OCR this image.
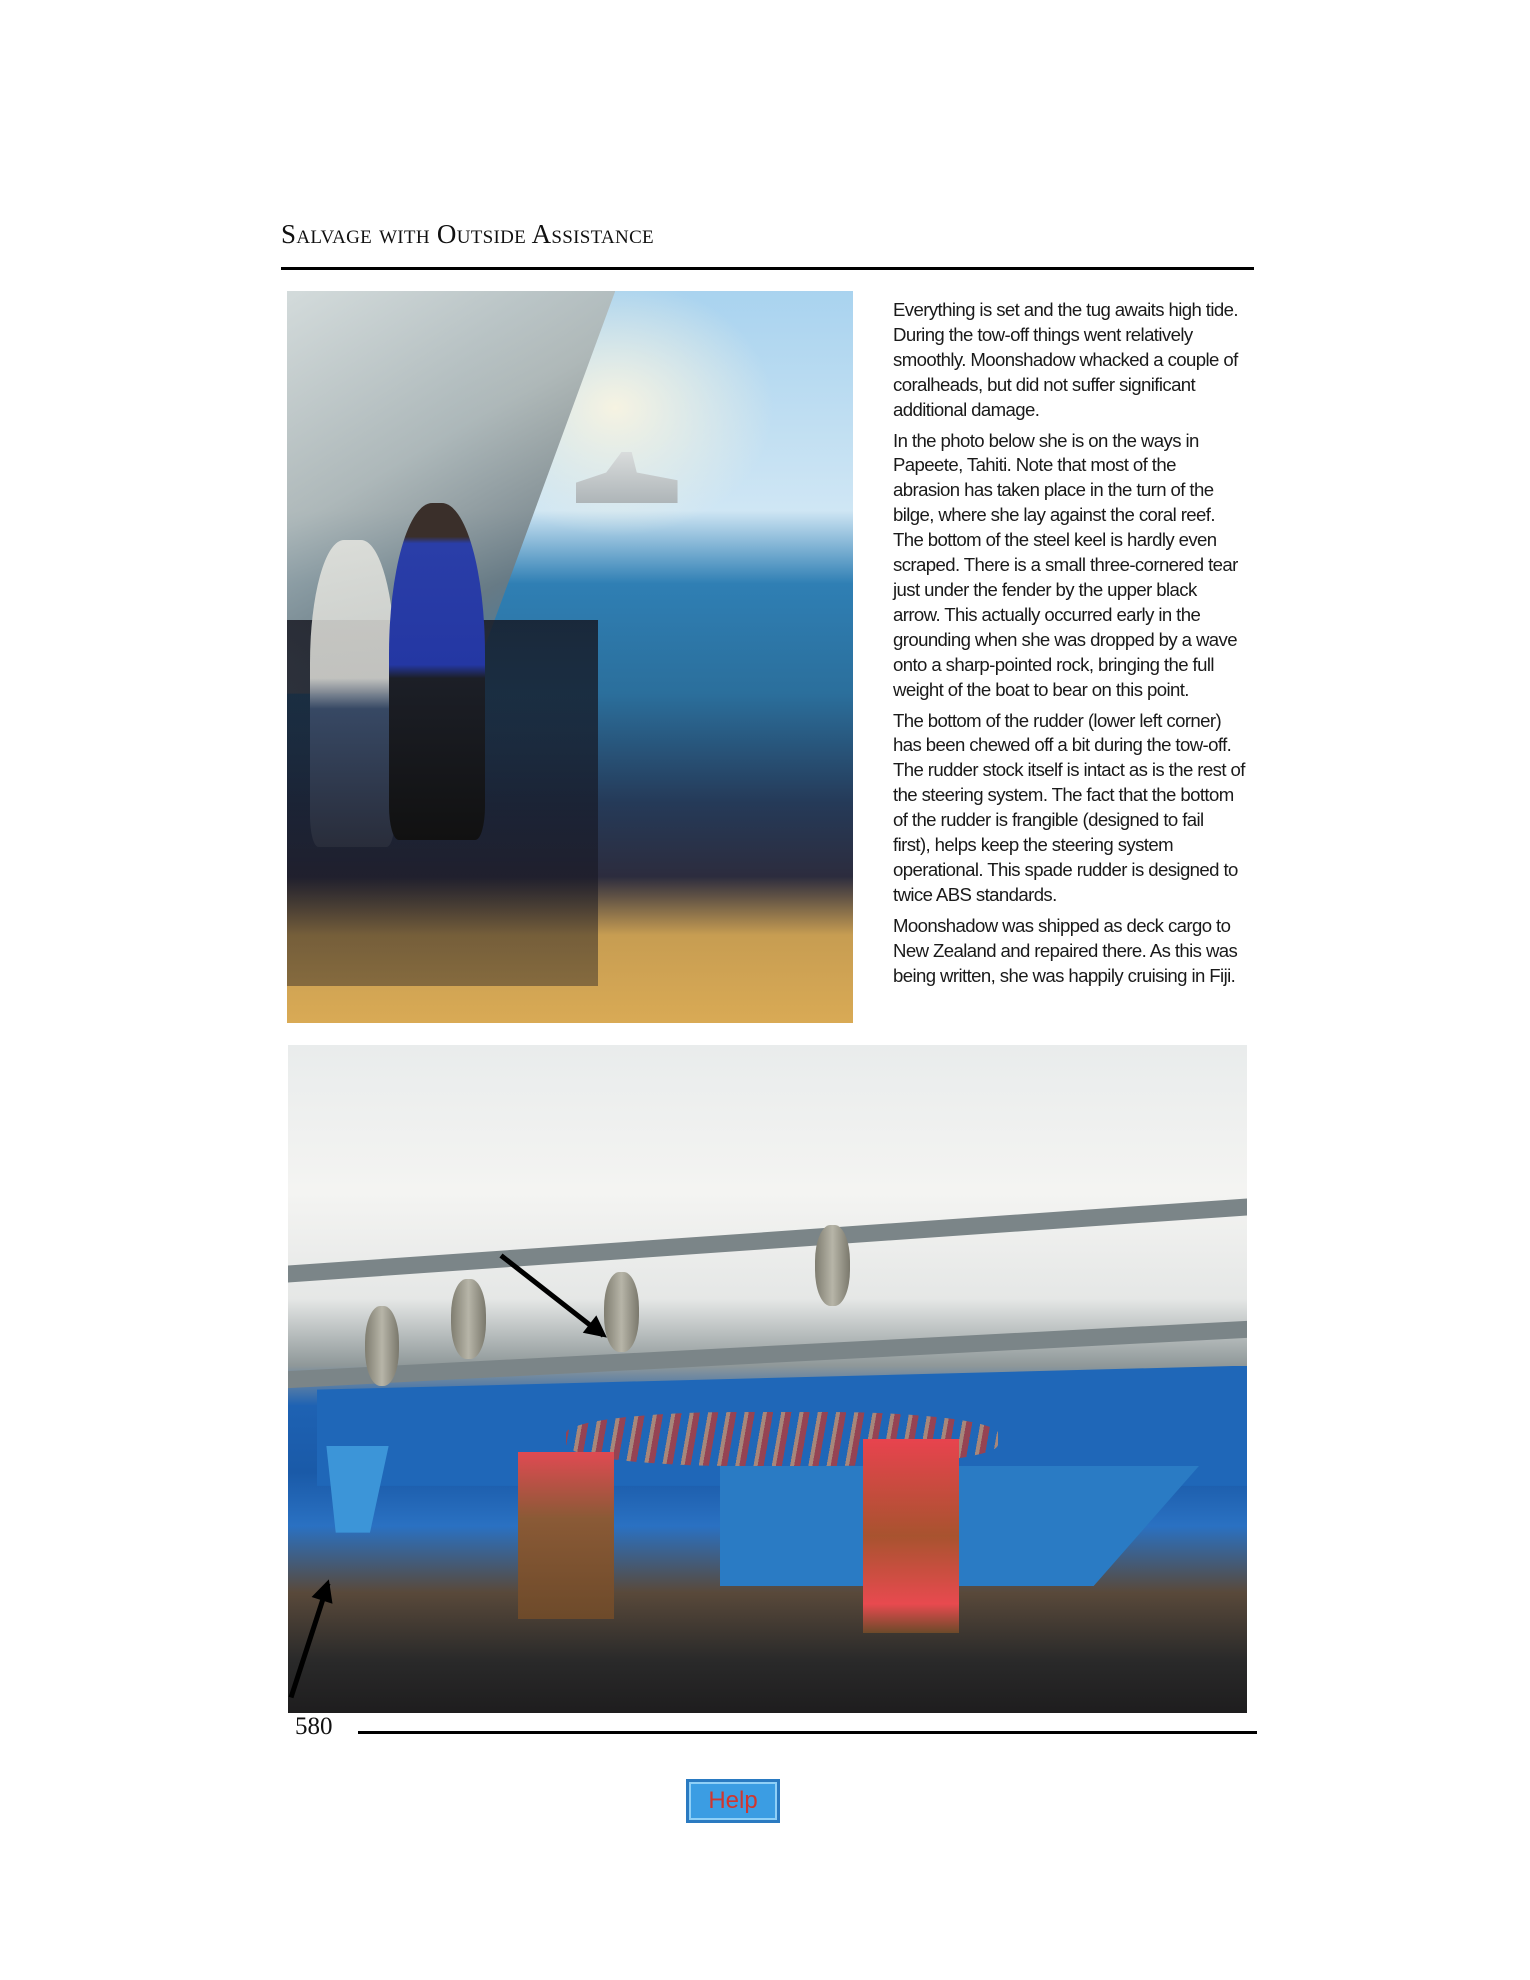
Salvage with Outside Assistance

Everything is set and the tug awaits high tide. During the tow-off things went relatively smoothly. Moonshadow whacked a couple of coralheads, but did not suffer significant additional damage.

In the photo below she is on the ways in Papeete, Tahiti. Note that most of the abrasion has taken place in the turn of the bilge, where she lay against the coral reef. The bottom of the steel keel is hardly even scraped. There is a small three-cornered tear just under the fender by the upper black arrow. This actually occurred early in the grounding when she was dropped by a wave onto a sharp-pointed rock, bringing the full weight of the boat to bear on this point.

The bottom of the rudder (lower left corner) has been chewed off a bit during the tow-off. The rudder stock itself is intact as is the rest of the steering system. The fact that the bottom of the rudder is frangible (designed to fail first), helps keep the steering system operational. This spade rudder is designed to twice ABS standards.

Moonshadow was shipped as deck cargo to New Zealand and repaired there. As this was being written, she was happily cruising in Fiji.

580
Help
